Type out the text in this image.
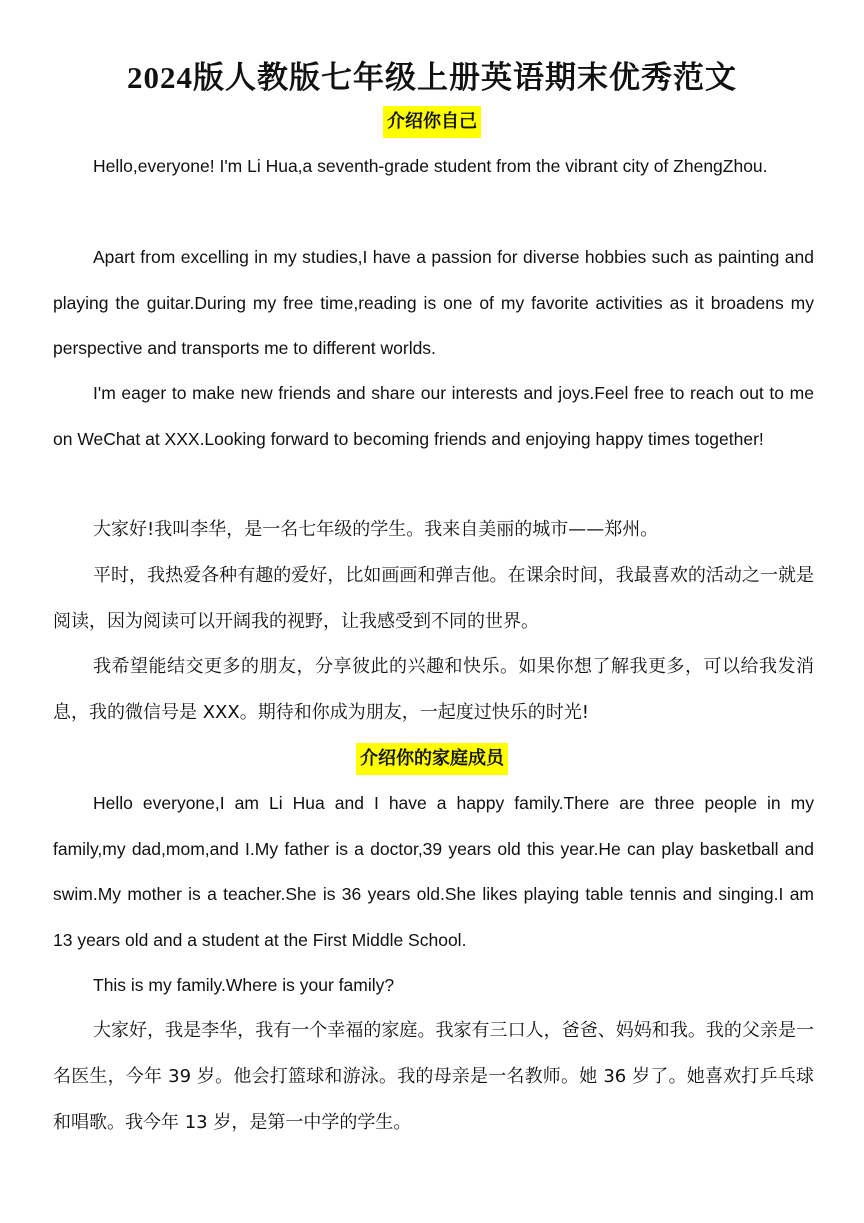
2024版人教版七年级上册英语期末优秀范文
介绍你自己

Hello,everyone! I'm Li Hua,a seventh-grade student from the vibrant city of ZhengZhou.

Apart from excelling in my studies,I have a passion for diverse hobbies such as painting and playing the guitar.During my free time,reading is one of my favorite activities as it broadens my perspective and transports me to different worlds.

I'm eager to make new friends and share our interests and joys.Feel free to reach out to me on WeChat at XXX.Looking forward to becoming friends and enjoying happy times together!

大家好!我叫李华，是一名七年级的学生。我来自美丽的城市——郑州。

平时，我热爱各种有趣的爱好，比如画画和弹吉他。在课余时间，我最喜欢的活动之一就是阅读，因为阅读可以开阔我的视野，让我感受到不同的世界。

我希望能结交更多的朋友，分享彼此的兴趣和快乐。如果你想了解我更多，可以给我发消息，我的微信号是 XXX。期待和你成为朋友，一起度过快乐的时光!

介绍你的家庭成员

Hello everyone,I am Li Hua and I have a happy family.There are three people in my family,my dad,mom,and I.My father is a doctor,39 years old this year.He can play basketball and swim.My mother is a teacher.She is 36 years old.She likes playing table tennis and singing.I am 13 years old and a student at the First Middle School.

This is my family.Where is your family?

大家好，我是李华，我有一个幸福的家庭。我家有三口人，爸爸、妈妈和我。我的父亲是一名医生，今年 39 岁。他会打篮球和游泳。我的母亲是一名教师。她 36 岁了。她喜欢打乒乓球和唱歌。我今年 13 岁，是第一中学的学生。
